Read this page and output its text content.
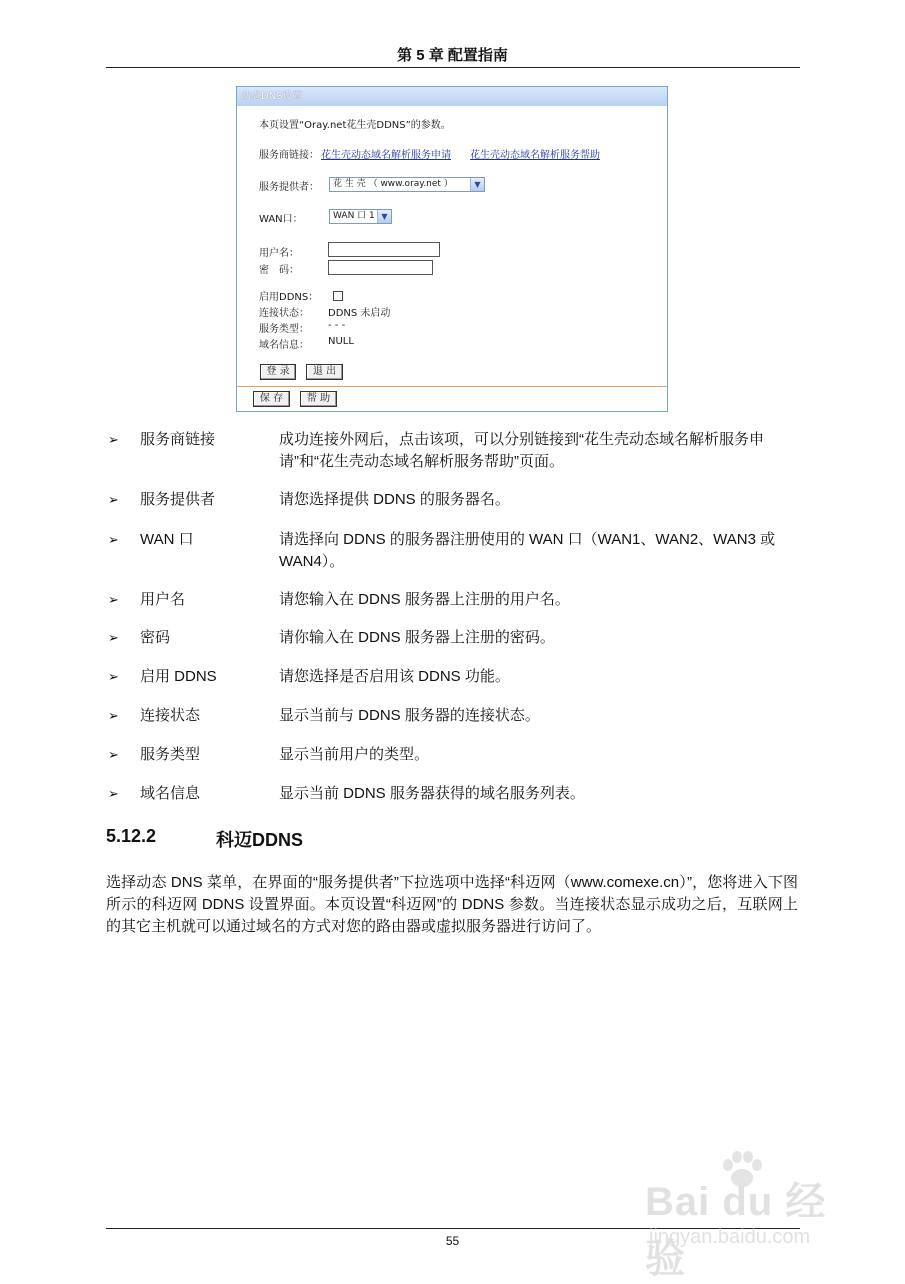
第 5 章 配置指南
动态DNS设置
本页设置“Oray.net花生壳DDNS”的参数。
服务商链接： 花生壳动态域名解析服务申请 花生壳动态域名解析服务帮助
服务提供者：	花 生 壳 （ www.oray.net ）	▼
WAN口：	WAN 口 1 ▼
用户名：
密　码：
启用DDNS：
连接状态： DDNS 未启动
服务类型： - - -
域名信息： NULL
登 录	退 出
保 存	帮 助
➢ 服务商链接	成功连接外网后，点击该项，可以分别链接到“花生壳动态域名解析服务申请”和“花生壳动态域名解析服务帮助”页面。
➢ 服务提供者	请您选择提供 DDNS 的服务器名。
➢ WAN 口	请选择向 DDNS 的服务器注册使用的 WAN 口（WAN1、WAN2、WAN3 或 WAN4）。
➢ 用户名	请您输入在 DDNS 服务器上注册的用户名。
➢ 密码	请你输入在 DDNS 服务器上注册的密码。
➢ 启用 DDNS	请您选择是否启用该 DDNS 功能。
➢ 连接状态	显示当前与 DDNS 服务器的连接状态。
➢ 服务类型	显示当前用户的类型。
➢ 域名信息	显示当前 DDNS 服务器获得的域名服务列表。
5.12.2	科迈DDNS
选择动态 DNS 菜单，在界面的“服务提供者”下拉选项中选择“科迈网（www.comexe.cn）”，您将进入下图所示的科迈网 DDNS 设置界面。本页设置“科迈网”的 DDNS 参数。当连接状态显示成功之后，互联网上的其它主机就可以通过域名的方式对您的路由器或虚拟服务器进行访问了。
55
Bai du 经验
jingyan.baidu.com
